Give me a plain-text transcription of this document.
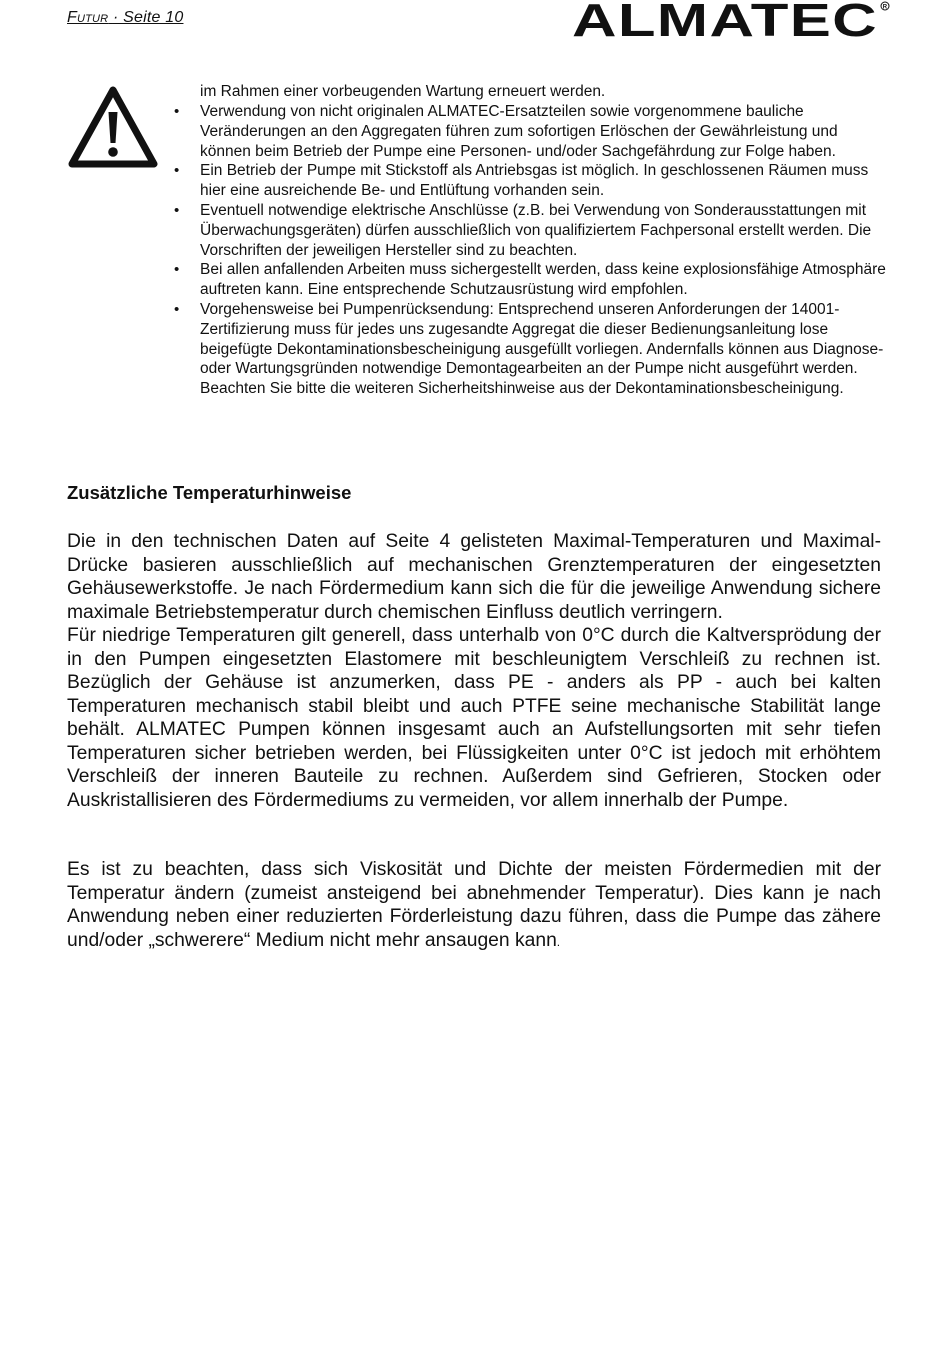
Futur · Seite 10	ALMATEC R
im Rahmen einer vorbeugenden Wartung erneuert werden.
• Verwendung von nicht originalen ALMATEC-Ersatzteilen sowie vorgenommene bauliche Veränderungen an den Aggregaten führen zum sofortigen Erlöschen der Gewährleistung und können beim Betrieb der Pumpe eine Personen- und/oder Sachgefährdung zur Folge haben.
• Ein Betrieb der Pumpe mit Stickstoff als Antriebsgas ist möglich. In geschlossenen Räumen muss hier eine ausreichende Be- und Entlüftung vorhanden sein.
• Eventuell notwendige elektrische Anschlüsse (z.B. bei Verwendung von Sonderausstattungen mit Überwachungsgeräten) dürfen ausschließlich von qualifiziertem Fachpersonal erstellt werden. Die Vorschriften der jeweiligen Hersteller sind zu beachten.
• Bei allen anfallenden Arbeiten muss sichergestellt werden, dass keine explosionsfähige Atmosphäre auftreten kann. Eine entsprechende Schutzausrüstung wird empfohlen.
• Vorgehensweise bei Pumpenrücksendung: Entsprechend unseren Anforderungen der 14001-Zertifizierung muss für jedes uns zugesandte Aggregat die dieser Bedienungsanleitung lose beigefügte Dekontaminationsbescheinigung ausgefüllt vorliegen. Andernfalls können aus Diagnose- oder Wartungsgründen notwendige Demontagearbeiten an der Pumpe nicht ausgeführt werden. Beachten Sie bitte die weiteren Sicherheitshinweise aus der Dekontaminationsbescheinigung.
Zusätzliche Temperaturhinweise
Die in den technischen Daten auf Seite 4 gelisteten Maximal-Temperaturen und Maximal-Drücke basieren ausschließlich auf mechanischen Grenztemperaturen der eingesetzten Gehäusewerkstoffe. Je nach Fördermedium kann sich die für die jeweilige Anwendung sichere maximale Betriebstemperatur durch chemischen Einfluss deutlich verringern.
Für niedrige Temperaturen gilt generell, dass unterhalb von 0°C durch die Kaltversprödung der in den Pumpen eingesetzten Elastomere mit beschleunigtem Verschleiß zu rechnen ist. Bezüglich der Gehäuse ist anzumerken, dass PE - anders als PP - auch bei kalten Temperaturen mechanisch stabil bleibt und auch PTFE seine mechanische Stabilität lange behält. ALMATEC Pumpen können insgesamt auch an Aufstellungsorten mit sehr tiefen Temperaturen sicher betrieben werden, bei Flüssigkeiten unter 0°C ist jedoch mit erhöhtem Verschleiß der inneren Bauteile zu rechnen. Außerdem sind Gefrieren, Stocken oder Auskristallisieren des Fördermediums zu vermeiden, vor allem innerhalb der Pumpe.
Es ist zu beachten, dass sich Viskosität und Dichte der meisten Fördermedien mit der Temperatur ändern (zumeist ansteigend bei abnehmender Temperatur). Dies kann je nach Anwendung neben einer reduzierten Förderleistung dazu führen, dass die Pumpe das zähere und/oder „schwerere“ Medium nicht mehr ansaugen kann.
